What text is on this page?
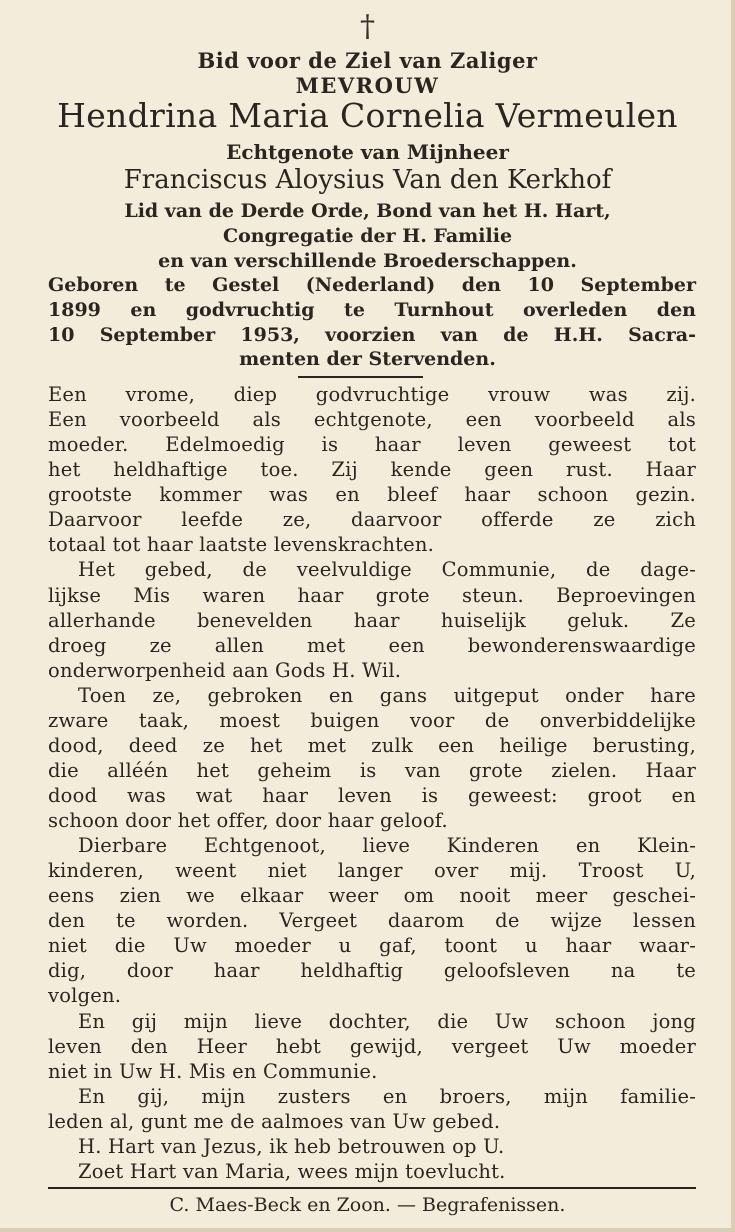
†
Bid voor de Ziel van Zaliger
MEVROUW
Hendrina Maria Cornelia Vermeulen
Echtgenote van Mijnheer
Franciscus Aloysius Van den Kerkhof
Lid van de Derde Orde, Bond van het H. Hart,
Congregatie der H. Familie
en van verschillende Broederschappen.
Geboren te Gestel (Nederland) den 10 September
1899 en godvruchtig te Turnhout overleden den
10 September 1953, voorzien van de H.H. Sacra-
menten der Stervenden.
Een vrome, diep godvruchtige vrouw was zij.
Een voorbeeld als echtgenote, een voorbeeld als
moeder. Edelmoedig is haar leven geweest tot
het heldhaftige toe. Zij kende geen rust. Haar
grootste kommer was en bleef haar schoon gezin.
Daarvoor leefde ze, daarvoor offerde ze zich
totaal tot haar laatste levenskrachten.
Het gebed, de veelvuldige Communie, de dage-
lijkse Mis waren haar grote steun. Beproevingen
allerhande benevelden haar huiselijk geluk. Ze
droeg ze allen met een bewonderenswaardige
onderworpenheid aan Gods H. Wil.
Toen ze, gebroken en gans uitgeput onder hare
zware taak, moest buigen voor de onverbiddelijke
dood, deed ze het met zulk een heilige berusting,
die alléén het geheim is van grote zielen. Haar
dood was wat haar leven is geweest: groot en
schoon door het offer, door haar geloof.
Dierbare Echtgenoot, lieve Kinderen en Klein-
kinderen, weent niet langer over mij. Troost U,
eens zien we elkaar weer om nooit meer geschei-
den te worden. Vergeet daarom de wijze lessen
niet die Uw moeder u gaf, toont u haar waar-
dig, door haar heldhaftig geloofsleven na te
volgen.
En gij mijn lieve dochter, die Uw schoon jong
leven den Heer hebt gewijd, vergeet Uw moeder
niet in Uw H. Mis en Communie.
En gij, mijn zusters en broers, mijn familie-
leden al, gunt me de aalmoes van Uw gebed.
H. Hart van Jezus, ik heb betrouwen op U.
Zoet Hart van Maria, wees mijn toevlucht.
C. Maes-Beck en Zoon. — Begrafenissen.
